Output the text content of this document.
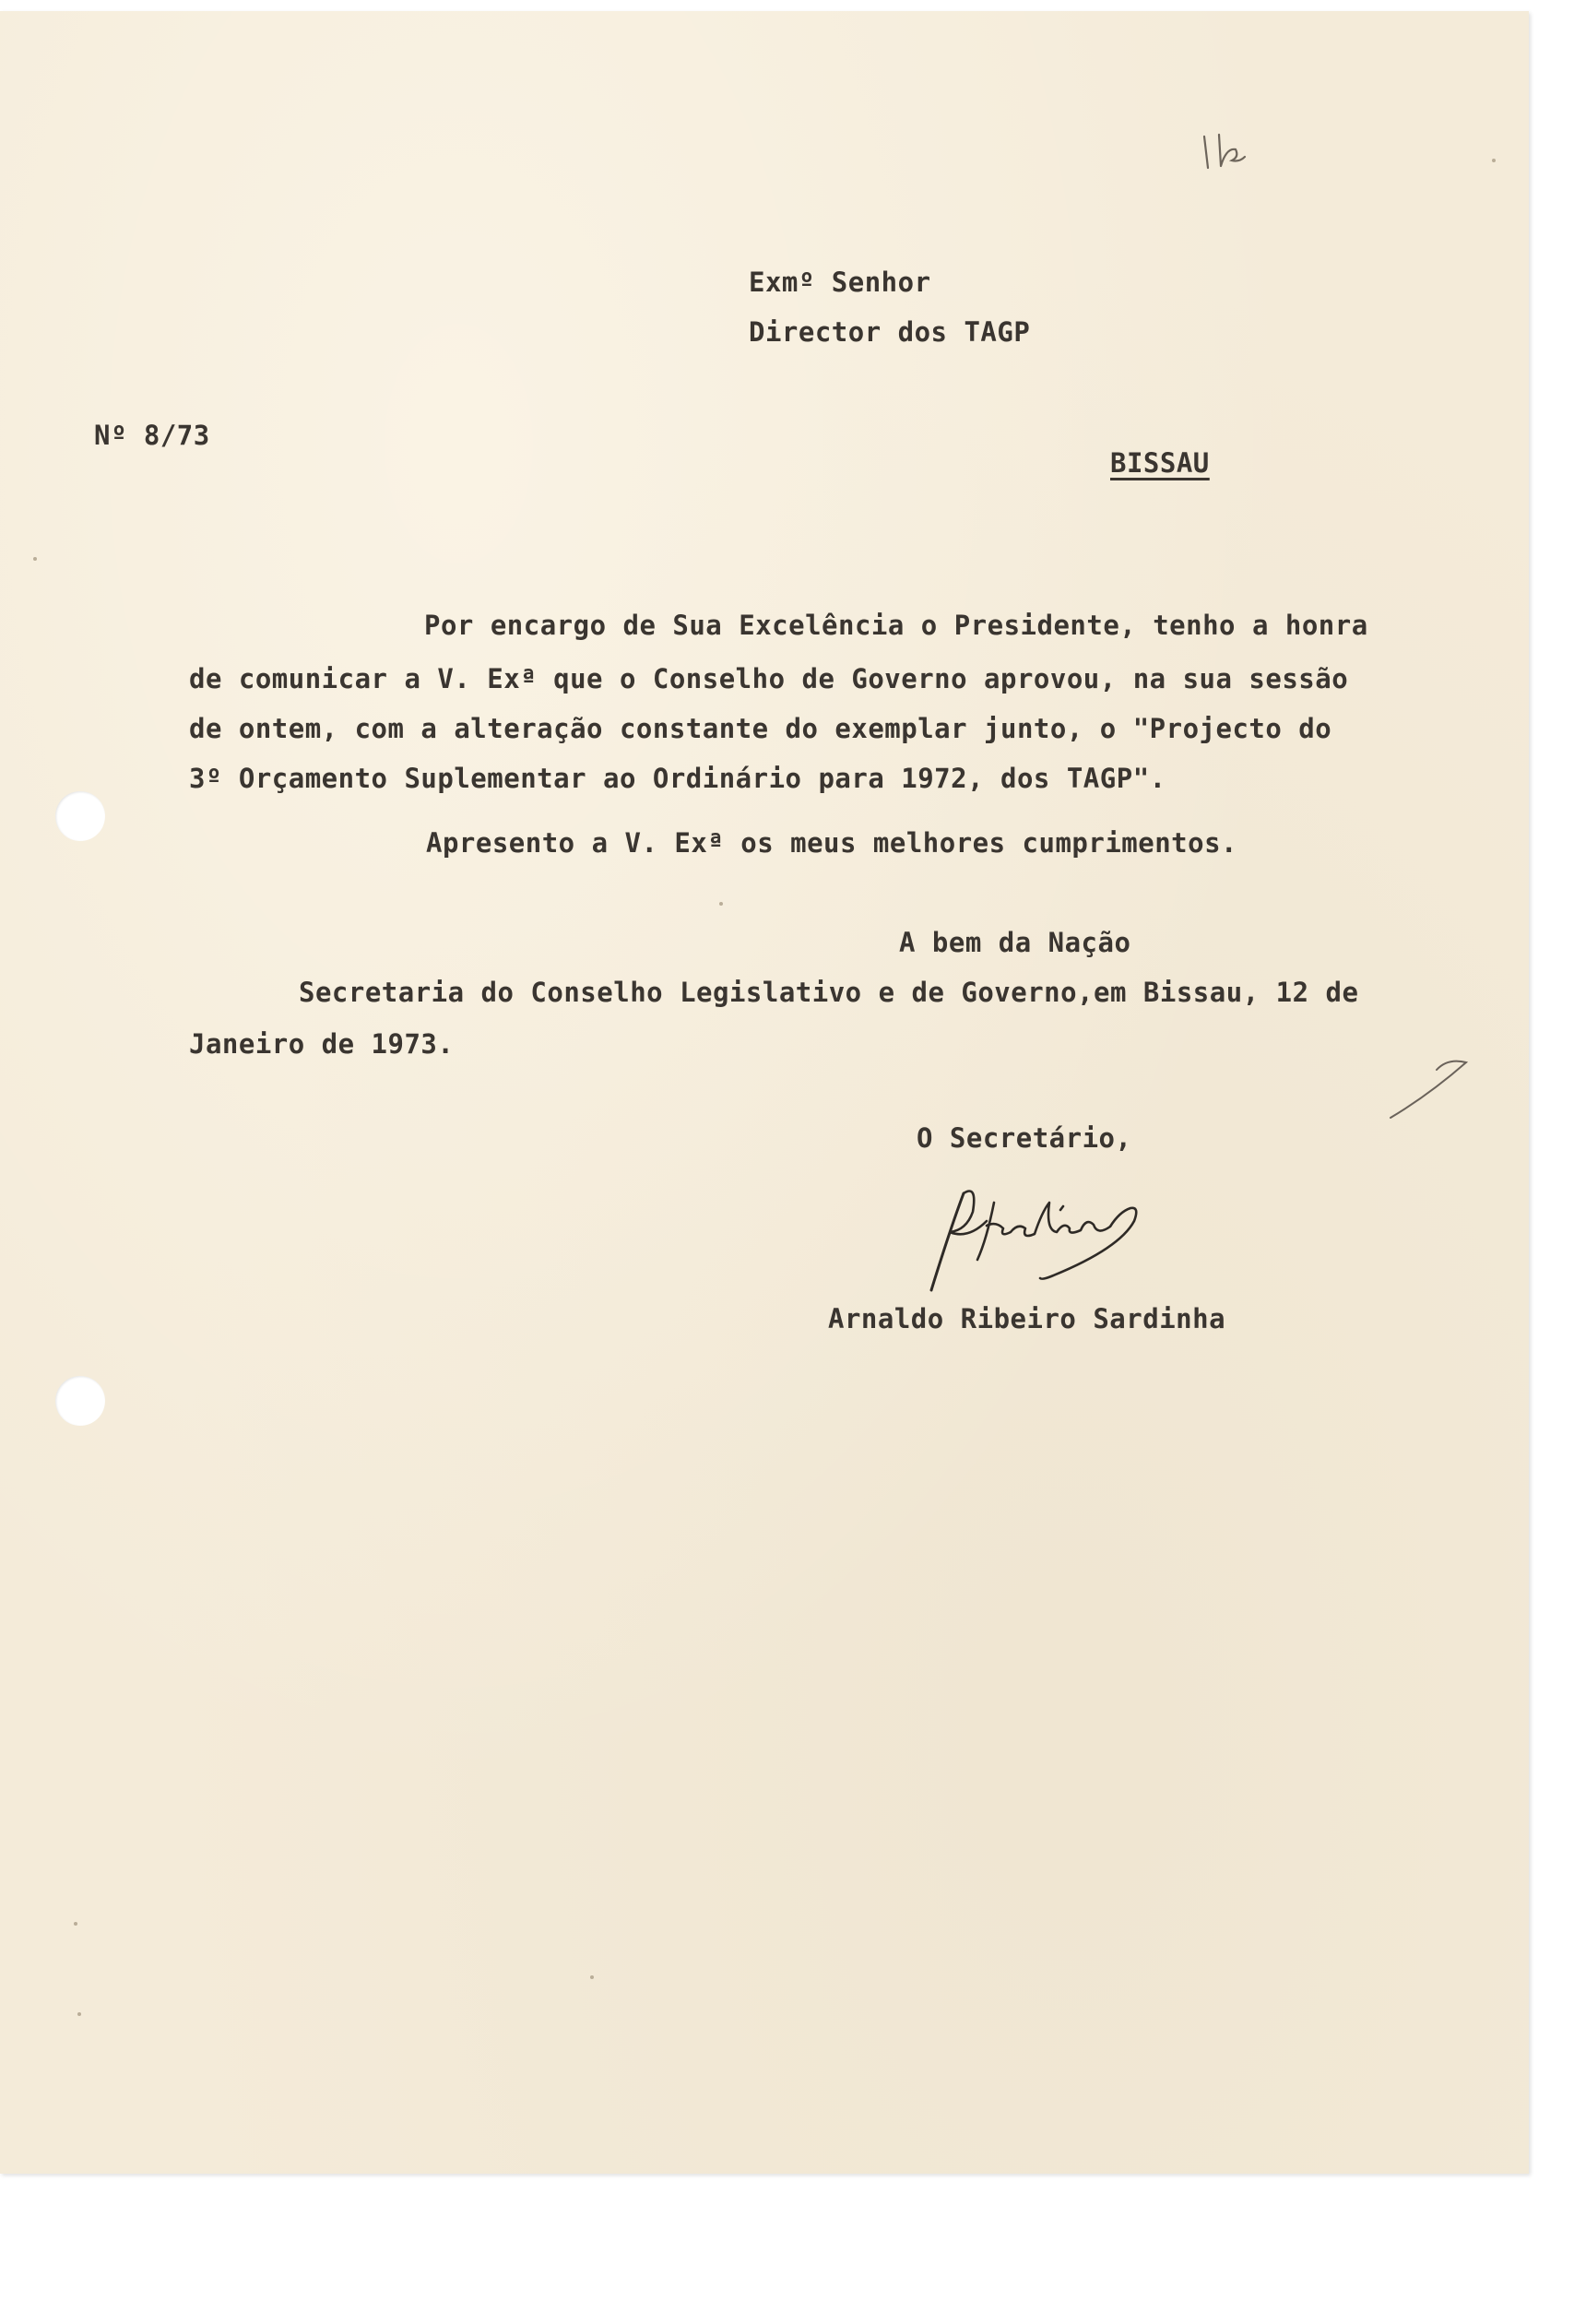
Exmº Senhor
Director dos TAGP
Nº 8/73
BISSAU
Por encargo de Sua Excelência o Presidente, tenho a honra
de comunicar a V. Exª que o Conselho de Governo aprovou, na sua sessão
de ontem, com a alteração constante do exemplar junto, o "Projecto do
3º Orçamento Suplementar ao Ordinário para 1972, dos TAGP".
Apresento a V. Exª os meus melhores cumprimentos.
A bem da Nação
Secretaria do Conselho Legislativo e de Governo,em Bissau, 12 de
Janeiro de 1973.
O Secretário,
Arnaldo Ribeiro Sardinha
